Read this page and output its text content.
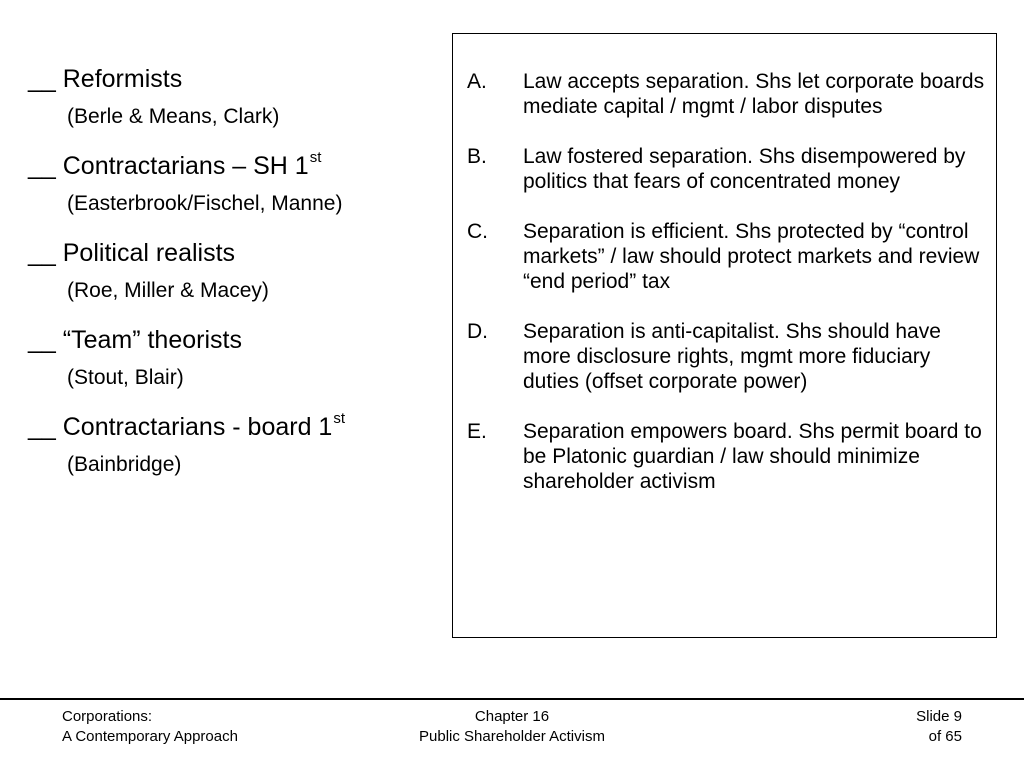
__ Reformists
(Berle & Means, Clark)
__ Contractarians – SH 1st
(Easterbrook/Fischel, Manne)
__ Political realists
(Roe, Miller & Macey)
__ “Team” theorists
(Stout, Blair)
__ Contractarians - board 1st
(Bainbridge)
A.	Law accepts separation. Shs let corporate boards mediate capital / mgmt / labor disputes
B.	Law fostered separation. Shs disempowered by politics that fears of concentrated money
C.	Separation is efficient. Shs protected by “control markets” / law should protect markets and review “end period” tax
D.	Separation is anti-capitalist. Shs should have more disclosure rights, mgmt more fiduciary duties (offset corporate power)
E.	Separation empowers board. Shs permit board to be Platonic guardian / law should minimize shareholder activism
Corporations:
A Contemporary Approach
Chapter 16
Public Shareholder Activism
Slide 9
of 65
